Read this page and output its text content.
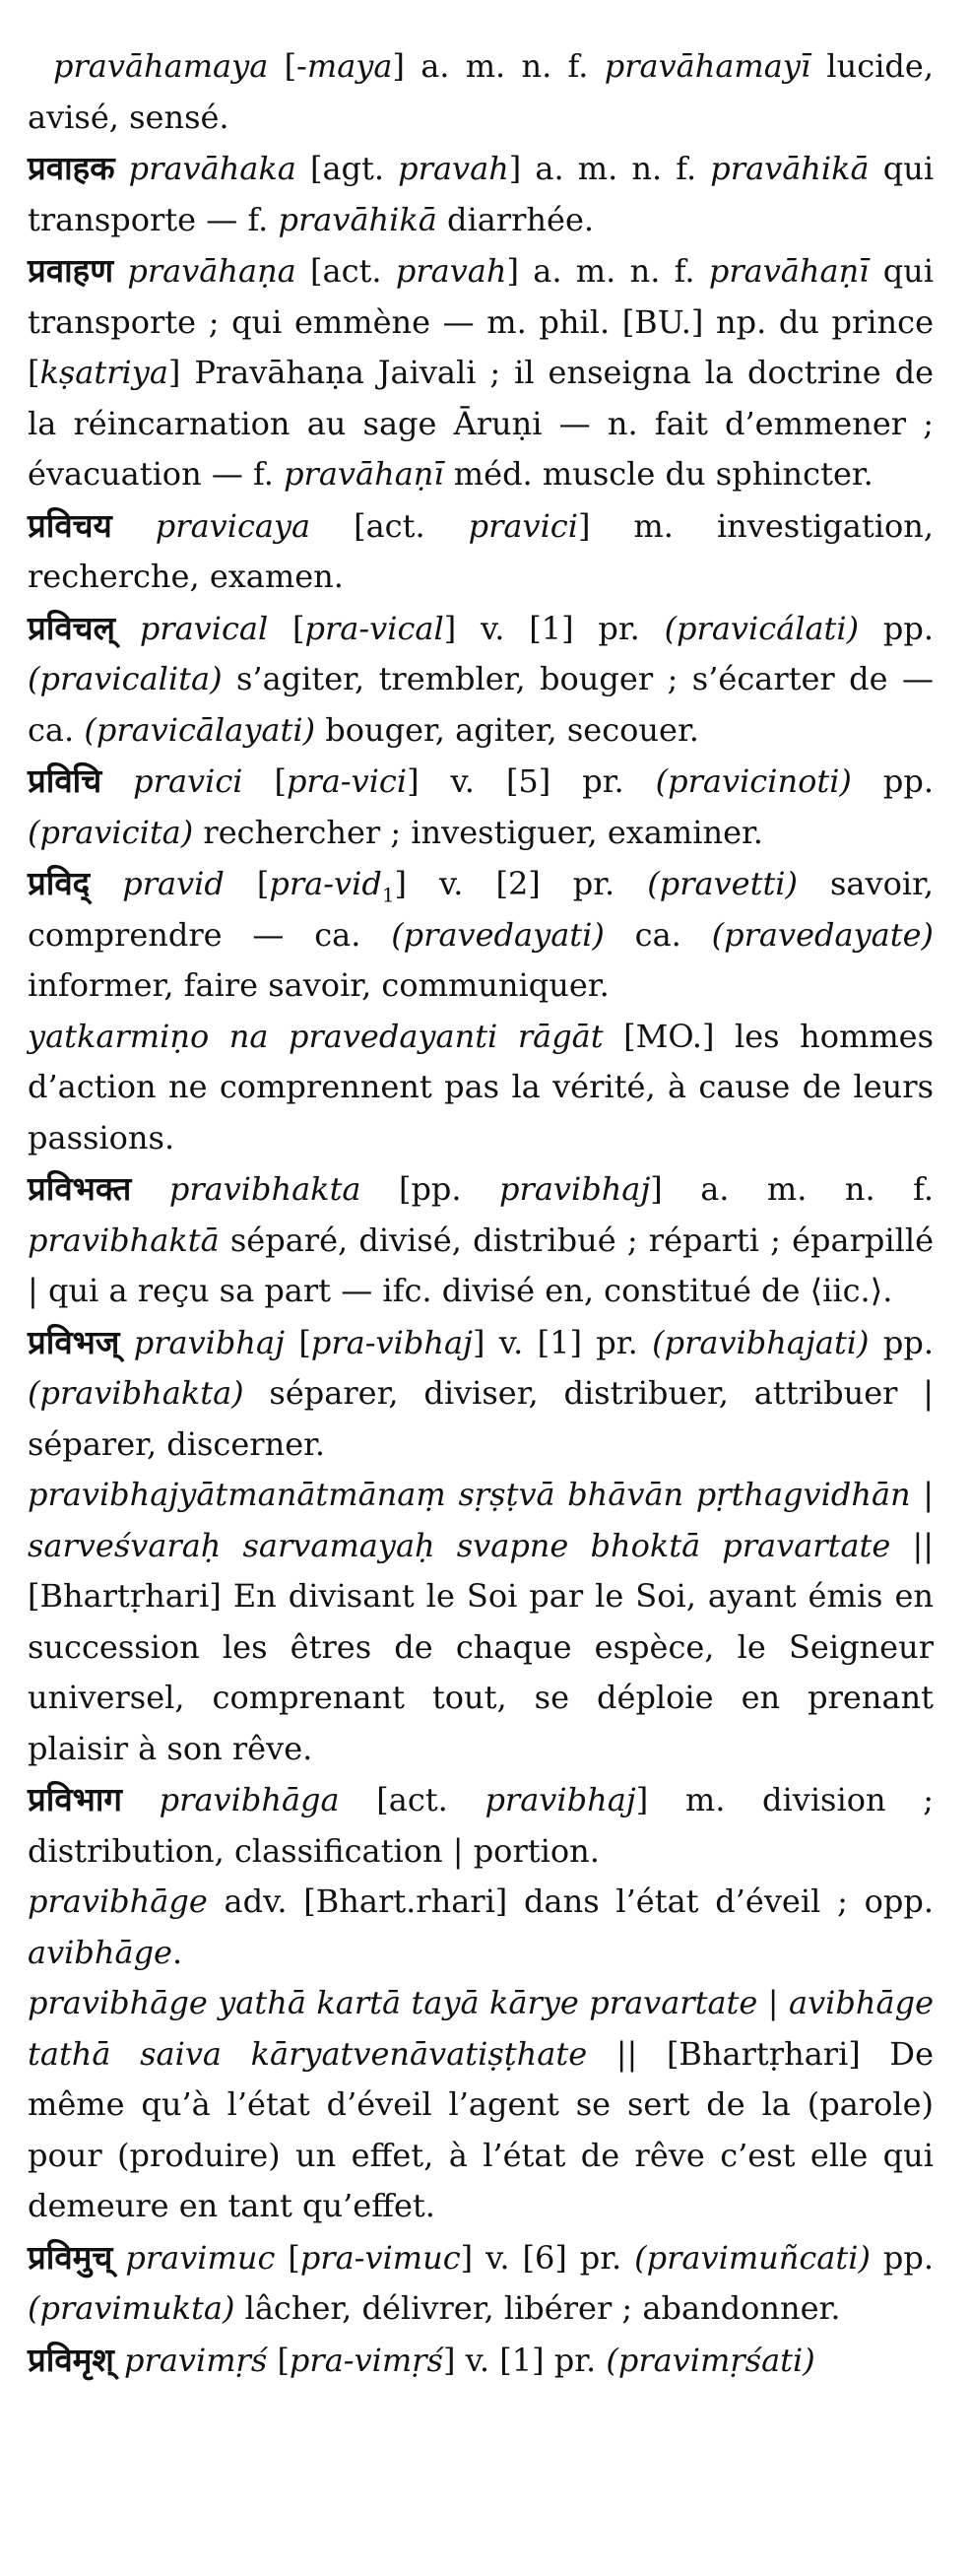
pravāhamaya [-maya] a. m. n. f. pravāhamayī lucide, avisé, sensé.

प्रवाहक pravāhaka [agt. pravah] a. m. n. f. pravāhikā qui transporte — f. pravāhikā diarrhée.

प्रवाहण pravāhaṇa [act. pravah] a. m. n. f. pravāhaṇī qui transporte ; qui emmène — m. phil. [BU.] np. du prince [kṣatriya] Pravāhaṇa Jaivali ; il enseigna la doctrine de la réincarnation au sage Āruṇi — n. fait d’emmener ; évacuation — f. pravāhaṇī méd. muscle du sphincter.

प्रविचय pravicaya [act. pravici] m. investigation, recherche, examen.

प्रविचल् pravical [pra-vical] v. [1] pr. (pravicálati) pp. (pravicalita) s’agiter, trembler, bouger ; s’écarter de — ca. (pravicālayati) bouger, agiter, secouer.

प्रविचि pravici [pra-vici] v. [5] pr. (pravicinoti) pp. (pravicita) rechercher ; investiguer, examiner.

प्रविद् pravid [pra-vid$_1$] v. [2] pr. (pravetti) savoir, comprendre — ca. (pravedayati) ca. (pravedayate) informer, faire savoir, communiquer.

yatkarmiṇo na pravedayanti rāgāt [MO.] les hommes d’action ne comprennent pas la vérité, à cause de leurs passions.

प्रविभक्त pravibhakta [pp. pravibhaj] a. m. n. f. pravibhaktā séparé, divisé, distribué ; réparti ; éparpillé | qui a reçu sa part — ifc. divisé en, constitué de ⟨iic.⟩.

प्रविभज् pravibhaj [pra-vibhaj] v. [1] pr. (pravibhajati) pp. (pravibhakta) séparer, diviser, distribuer, attribuer | séparer, discerner.

pravibhajyātmanātmānaṃ sṛṣṭvā bhāvān pṛthagvidhān | sarveśvaraḥ sarvamayaḥ svapne bhoktā pravartate || [Bhartṛhari] En divisant le Soi par le Soi, ayant émis en succession les êtres de chaque espèce, le Seigneur universel, comprenant tout, se déploie en prenant plaisir à son rêve.

प्रविभाग pravibhāga [act. pravibhaj] m. division ; distribution, classification | portion.

pravibhāge adv. [Bhart.rhari] dans l’état d’éveil ; opp. avibhāge.

pravibhāge yathā kartā tayā kārye pravartate | avibhāge tathā saiva kāryatvenāvatiṣṭhate || [Bhartṛhari] De même qu’à l’état d’éveil l’agent se sert de la (parole) pour (produire) un effet, à l’état de rêve c’est elle qui demeure en tant qu’effet.

प्रविमुच् pravimuc [pra-vimuc] v. [6] pr. (pravimuñcati) pp. (pravimukta) lâcher, délivrer, libérer ; abandonner.

प्रविमृश् pravimṛś [pra-vimṛś] v. [1] pr. (pravimṛśati)
